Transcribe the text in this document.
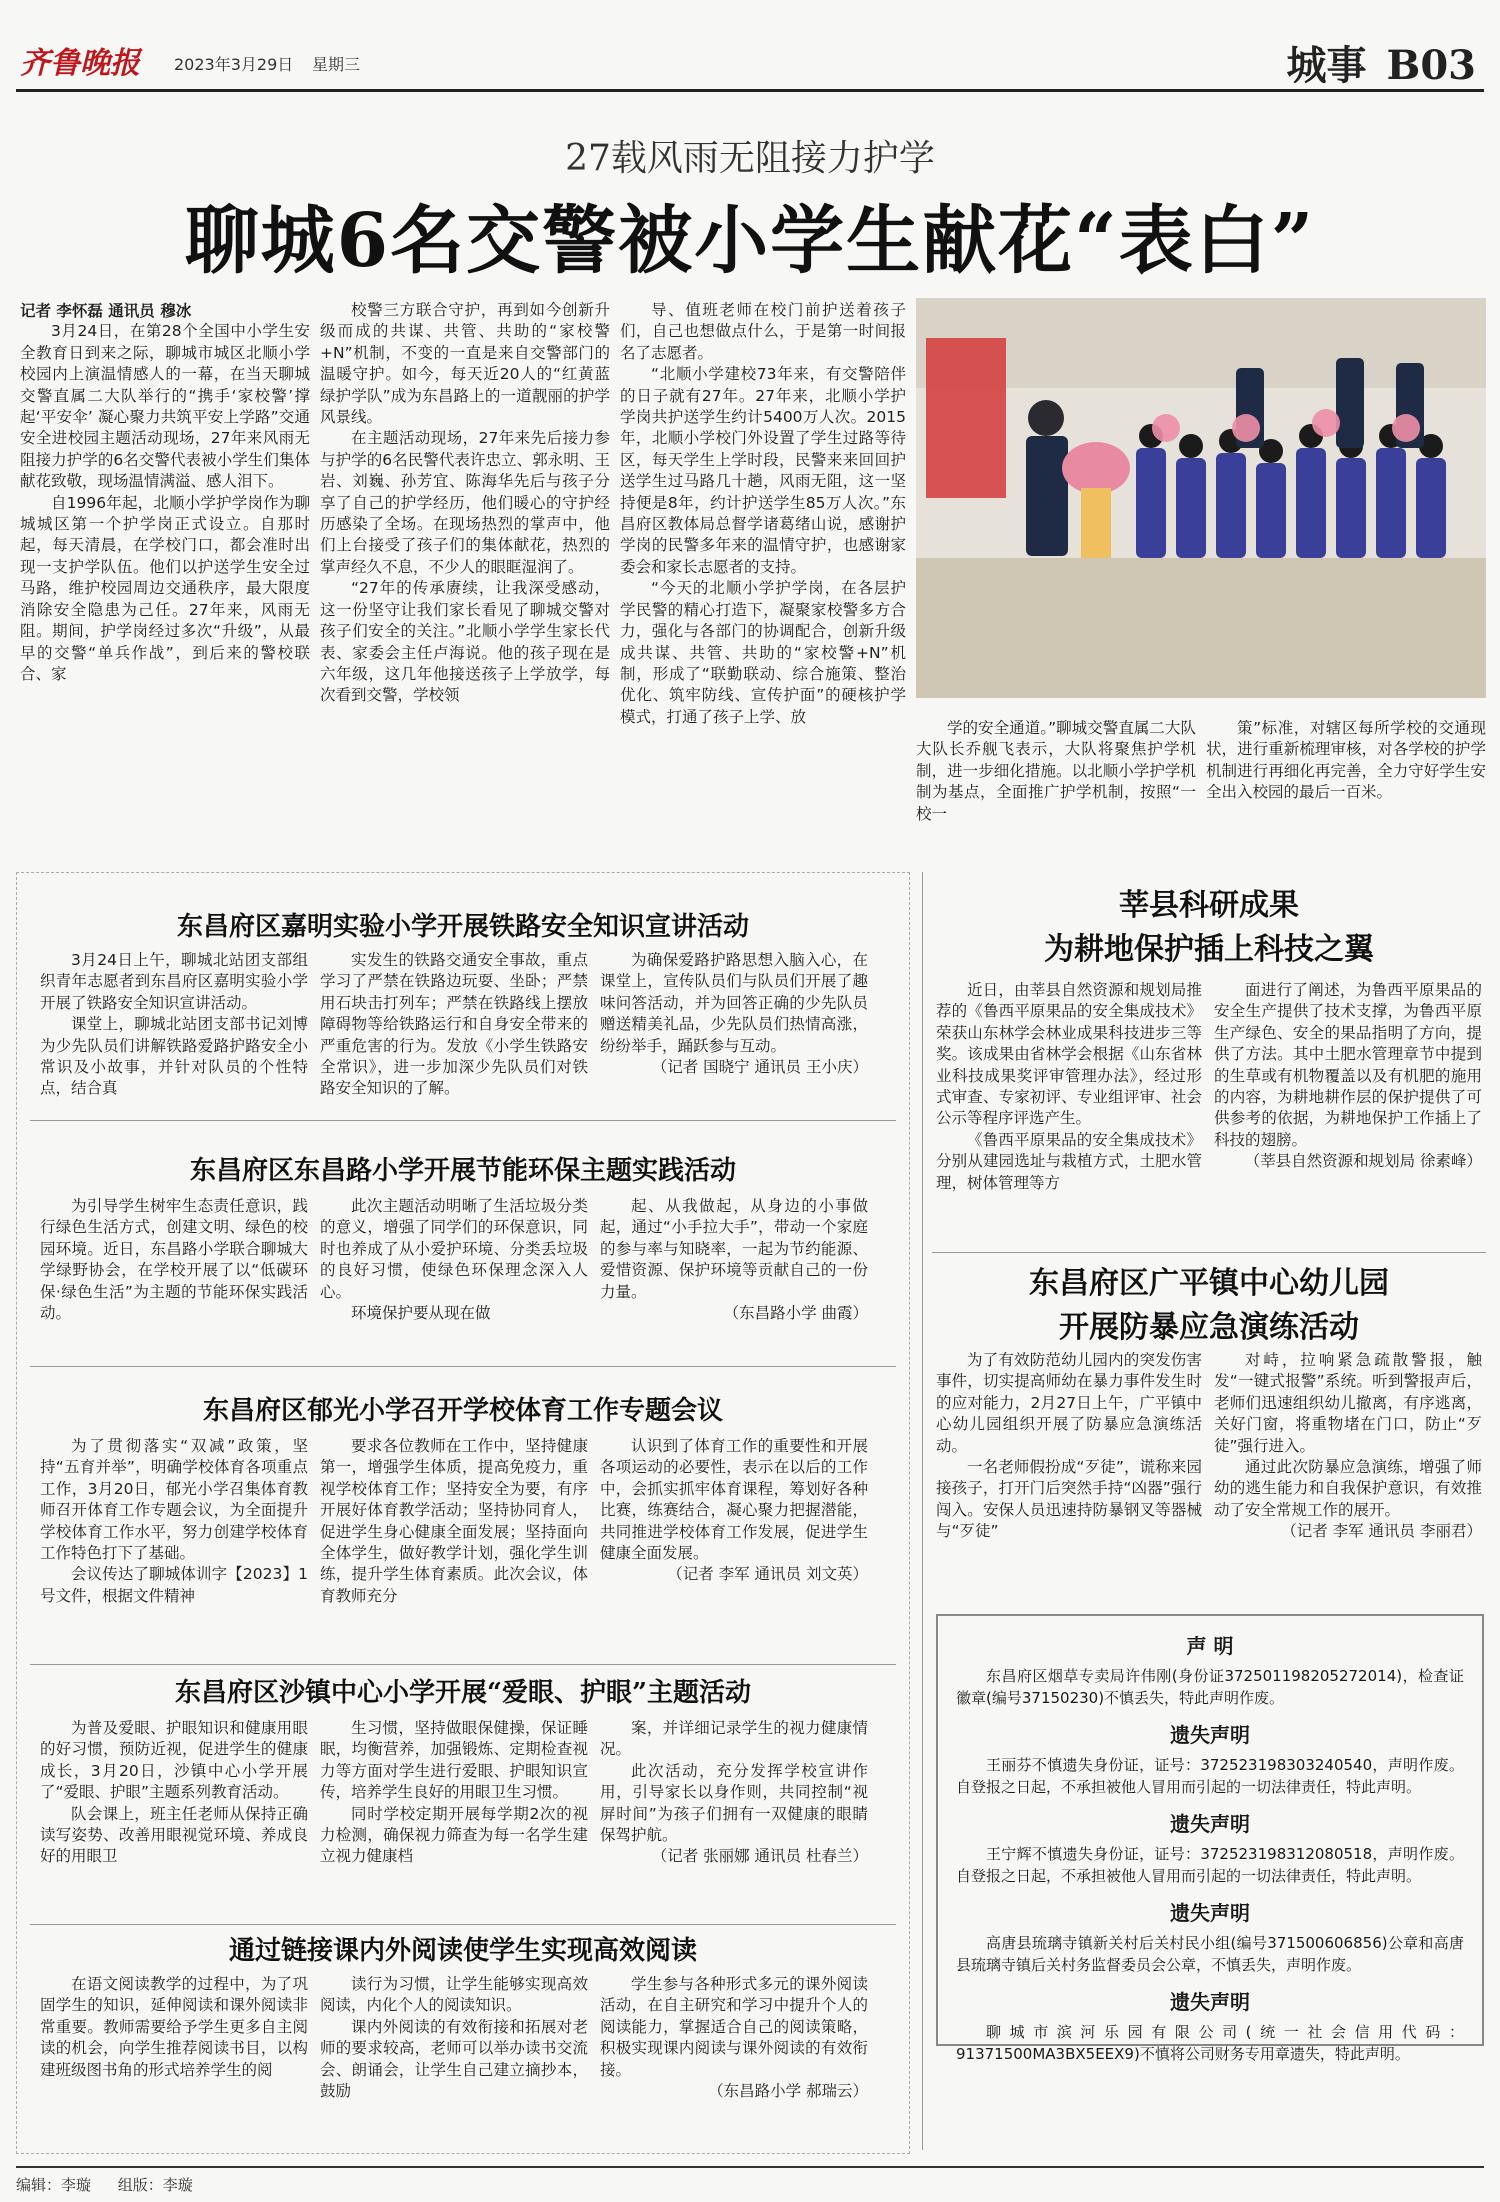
齐鲁晚报 2023年3月29日 星期三	城事 B03
27载风雨无阻接力护学
聊城6名交警被小学生献花“表白”

记者 李怀磊 通讯员 穆冰

3月24日，在第28个全国中小学生安全教育日到来之际，聊城市城区北顺小学校园内上演温情感人的一幕，在当天聊城交警直属二大队举行的“携手‘家校警’撑起‘平安伞’ 凝心聚力共筑平安上学路”交通安全进校园主题活动现场，27年来风雨无阻接力护学的6名交警代表被小学生们集体献花致敬，现场温情满溢、感人泪下。

自1996年起，北顺小学护学岗作为聊城城区第一个护学岗正式设立。自那时起，每天清晨，在学校门口，都会准时出现一支护学队伍。他们以护送学生安全过马路，维护校园周边交通秩序，最大限度消除安全隐患为己任。27年来，风雨无阻。期间，护学岗经过多次“升级”，从最早的交警“单兵作战”，到后来的警校联合、家

校警三方联合守护，再到如今创新升级而成的共谋、共管、共助的“家校警+N”机制，不变的一直是来自交警部门的温暖守护。如今，每天近20人的“红黄蓝绿护学队”成为东昌路上的一道靓丽的护学风景线。

在主题活动现场，27年来先后接力参与护学的6名民警代表许忠立、郭永明、王岩、刘巍、孙芳宜、陈海华先后与孩子分享了自己的护学经历，他们暖心的守护经历感染了全场。在现场热烈的掌声中，他们上台接受了孩子们的集体献花，热烈的掌声经久不息，不少人的眼眶湿润了。

“27年的传承赓续，让我深受感动，这一份坚守让我们家长看见了聊城交警对孩子们安全的关注。”北顺小学学生家长代表、家委会主任卢海说。他的孩子现在是六年级，这几年他接送孩子上学放学，每次看到交警，学校领

导、值班老师在校门前护送着孩子们，自己也想做点什么，于是第一时间报名了志愿者。

“北顺小学建校73年来，有交警陪伴的日子就有27年。27年来，北顺小学护学岗共护送学生约计5400万人次。2015年，北顺小学校门外设置了学生过路等待区，每天学生上学时段，民警来来回回护送学生过马路几十趟，风雨无阻，这一坚持便是8年，约计护送学生85万人次。”东昌府区教体局总督学诸葛绪山说，感谢护学岗的民警多年来的温情守护，也感谢家委会和家长志愿者的支持。

“今天的北顺小学护学岗，在各层护学民警的精心打造下，凝聚家校警多方合力，强化与各部门的协调配合，创新升级成共谋、共管、共助的“家校警+N”机制，形成了“联勤联动、综合施策、整治优化、筑牢防线、宣传护面”的硬核护学模式，打通了孩子上学、放

学的安全通道。”聊城交警直属二大队大队长乔舰飞表示，大队将聚焦护学机制，进一步细化措施。以北顺小学护学机制为基点，全面推广护学机制，按照“一校一

策”标准，对辖区每所学校的交通现状，进行重新梳理审核，对各学校的护学机制进行再细化再完善，全力守好学生安全出入校园的最后一百米。

东昌府区嘉明实验小学开展铁路安全知识宣讲活动

3月24日上午，聊城北站团支部组织青年志愿者到东昌府区嘉明实验小学开展了铁路安全知识宣讲活动。

课堂上，聊城北站团支部书记刘博为少先队员们讲解铁路爱路护路安全小常识及小故事，并针对队员的个性特点，结合真

实发生的铁路交通安全事故，重点学习了严禁在铁路边玩耍、坐卧；严禁用石块击打列车；严禁在铁路线上摆放障碍物等给铁路运行和自身安全带来的严重危害的行为。发放《小学生铁路安全常识》，进一步加深少先队员们对铁路安全知识的了解。

为确保爱路护路思想入脑入心，在课堂上，宣传队员们与队员们开展了趣味问答活动，并为回答正确的少先队员赠送精美礼品，少先队员们热情高涨，纷纷举手，踊跃参与互动。

（记者 国晓宁 通讯员 王小庆）
东昌府区东昌路小学开展节能环保主题实践活动

为引导学生树牢生态责任意识，践行绿色生活方式，创建文明、绿色的校园环境。近日，东昌路小学联合聊城大学绿野协会，在学校开展了以“低碳环保·绿色生活”为主题的节能环保实践活动。

此次主题活动明晰了生活垃圾分类的意义，增强了同学们的环保意识，同时也养成了从小爱护环境、分类丢垃圾的良好习惯，使绿色环保理念深入人心。

环境保护要从现在做

起、从我做起，从身边的小事做起，通过“小手拉大手”，带动一个家庭的参与率与知晓率，一起为节约能源、爱惜资源、保护环境等贡献自己的一份力量。

（东昌路小学 曲霞）
东昌府区郁光小学召开学校体育工作专题会议

为了贯彻落实“双减”政策，坚持“五育并举”，明确学校体育各项重点工作，3月20日，郁光小学召集体育教师召开体育工作专题会议，为全面提升学校体育工作水平，努力创建学校体育工作特色打下了基础。

会议传达了聊城体训字【2023】1号文件，根据文件精神

要求各位教师在工作中，坚持健康第一，增强学生体质，提高免疫力，重视学校体育工作；坚持安全为要，有序开展好体育教学活动；坚持协同育人，促进学生身心健康全面发展；坚持面向全体学生，做好教学计划，强化学生训练，提升学生体育素质。此次会议，体育教师充分

认识到了体育工作的重要性和开展各项运动的必要性，表示在以后的工作中，会抓实抓牢体育课程，筹划好各种比赛，练赛结合，凝心聚力把握潜能，共同推进学校体育工作发展，促进学生健康全面发展。

（记者 李军 通讯员 刘文英）
东昌府区沙镇中心小学开展“爱眼、护眼”主题活动

为普及爱眼、护眼知识和健康用眼的好习惯，预防近视，促进学生的健康成长，3月20日，沙镇中心小学开展了“爱眼、护眼”主题系列教育活动。

队会课上，班主任老师从保持正确读写姿势、改善用眼视觉环境、养成良好的用眼卫

生习惯，坚持做眼保健操，保证睡眠，均衡营养，加强锻炼、定期检查视力等方面对学生进行爱眼、护眼知识宣传，培养学生良好的用眼卫生习惯。

同时学校定期开展每学期2次的视力检测，确保视力筛查为每一名学生建立视力健康档

案，并详细记录学生的视力健康情况。

此次活动，充分发挥学校宣讲作用，引导家长以身作则，共同控制“视屏时间”为孩子们拥有一双健康的眼睛保驾护航。

（记者 张丽娜 通讯员 杜春兰）
通过链接课内外阅读使学生实现高效阅读

在语文阅读教学的过程中，为了巩固学生的知识，延伸阅读和课外阅读非常重要。教师需要给予学生更多自主阅读的机会，向学生推荐阅读书目，以构建班级图书角的形式培养学生的阅

读行为习惯，让学生能够实现高效阅读，内化个人的阅读知识。

课内外阅读的有效衔接和拓展对老师的要求较高，老师可以举办读书交流会、朗诵会，让学生自己建立摘抄本，鼓励

学生参与各种形式多元的课外阅读活动，在自主研究和学习中提升个人的阅读能力，掌握适合自己的阅读策略，积极实现课内阅读与课外阅读的有效衔接。

（东昌路小学 郝瑞云）
莘县科研成果
为耕地保护插上科技之翼

近日，由莘县自然资源和规划局推荐的《鲁西平原果品的安全集成技术》荣获山东林学会林业成果科技进步三等奖。该成果由省林学会根据《山东省林业科技成果奖评审管理办法》，经过形式审查、专家初评、专业组评审、社会公示等程序评选产生。

《鲁西平原果品的安全集成技术》分别从建园选址与栽植方式，土肥水管理，树体管理等方

面进行了阐述，为鲁西平原果品的安全生产提供了技术支撑，为鲁西平原生产绿色、安全的果品指明了方向，提供了方法。其中土肥水管理章节中提到的生草或有机物覆盖以及有机肥的施用的内容，为耕地耕作层的保护提供了可供参考的依据，为耕地保护工作插上了科技的翅膀。

（莘县自然资源和规划局 徐素峰）
东昌府区广平镇中心幼儿园
开展防暴应急演练活动

为了有效防范幼儿园内的突发伤害事件，切实提高师幼在暴力事件发生时的应对能力，2月27日上午，广平镇中心幼儿园组织开展了防暴应急演练活动。

一名老师假扮成“歹徒”，谎称来园接孩子，打开门后突然手持“凶器”强行闯入。安保人员迅速持防暴钢叉等器械与“歹徒”

对峙，拉响紧急疏散警报，触发“一键式报警”系统。听到警报声后，老师们迅速组织幼儿撤离，有序逃离，关好门窗，将重物堵在门口，防止“歹徒”强行进入。

通过此次防暴应急演练，增强了师幼的逃生能力和自我保护意识，有效推动了安全常规工作的展开。

（记者 李军 通讯员 李丽君）
声 明
东昌府区烟草专卖局许伟刚(身份证372501198205272014)，检查证徽章(编号37150230)不慎丢失，特此声明作废。
遗失声明
王丽芬不慎遗失身份证，证号：372523198303240540，声明作废。自登报之日起，不承担被他人冒用而引起的一切法律责任，特此声明。
遗失声明
王宁辉不慎遗失身份证，证号：372523198312080518，声明作废。自登报之日起，不承担被他人冒用而引起的一切法律责任，特此声明。
遗失声明
高唐县琉璃寺镇新关村后关村民小组(编号371500606856)公章和高唐县琉璃寺镇后关村务监督委员会公章，不慎丢失，声明作废。
遗失声明
聊城市滨河乐园有限公司(统一社会信用代码：91371500MA3BX5EEX9)不慎将公司财务专用章遗失，特此声明。
编辑：李璇 组版：李璇
